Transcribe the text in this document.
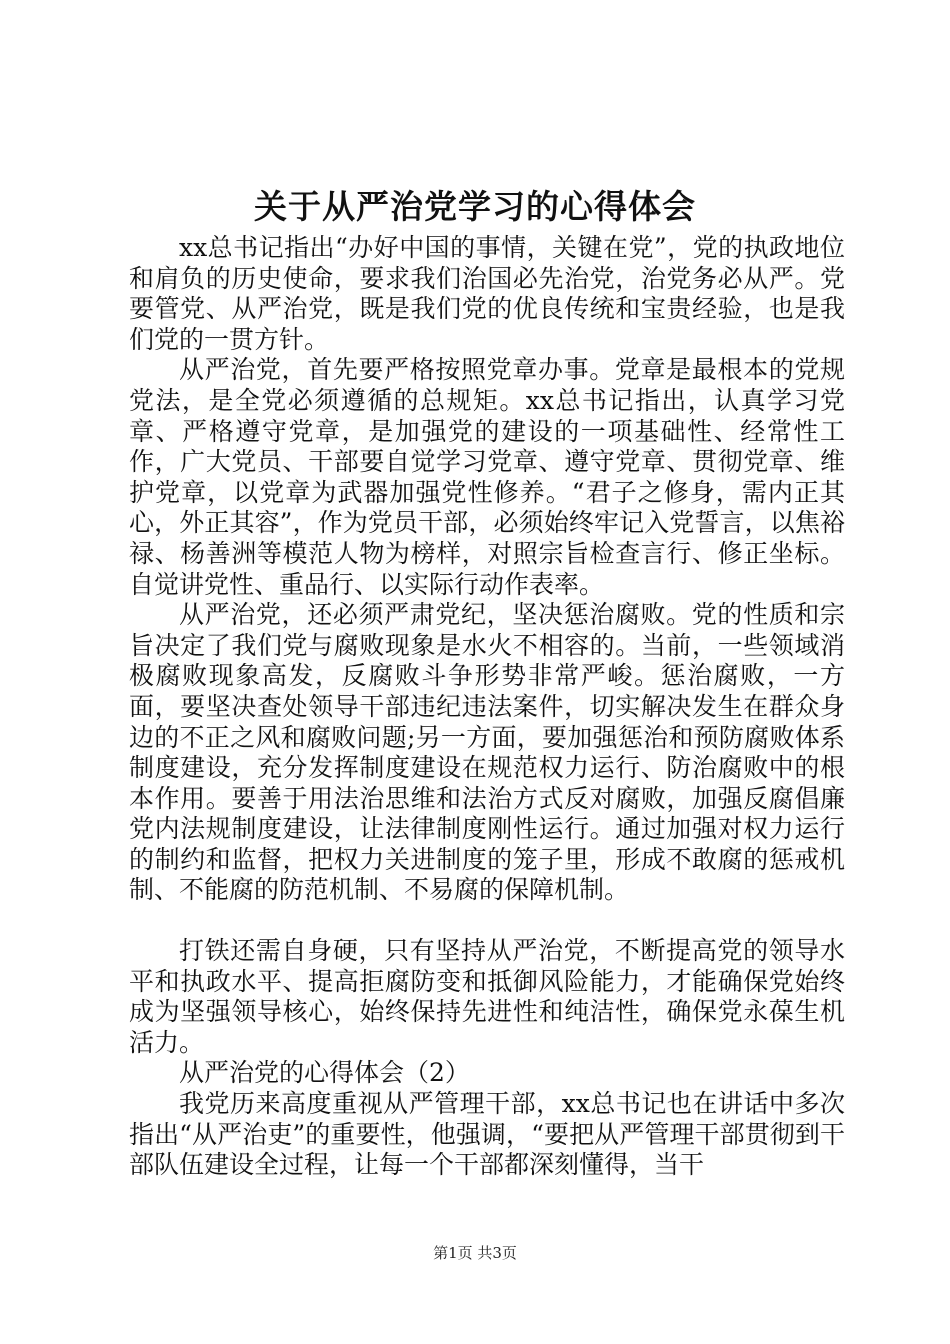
关于从严治党学习的心得体会

xx总书记指出“办好中国的事情，关键在党”，党的执政地位和肩负的历史使命，要求我们治国必先治党，治党务必从严。党要管党、从严治党，既是我们党的优良传统和宝贵经验，也是我们党的一贯方针。

从严治党，首先要严格按照党章办事。党章是最根本的党规党法，是全党必须遵循的总规矩。xx总书记指出，认真学习党章、严格遵守党章，是加强党的建设的一项基础性、经常性工作，广大党员、干部要自觉学习党章、遵守党章、贯彻党章、维护党章，以党章为武器加强党性修养。“君子之修身，需内正其心，外正其容”，作为党员干部，必须始终牢记入党誓言，以焦裕禄、杨善洲等模范人物为榜样，对照宗旨检查言行、修正坐标。自觉讲党性、重品行、以实际行动作表率。

从严治党，还必须严肃党纪，坚决惩治腐败。党的性质和宗旨决定了我们党与腐败现象是水火不相容的。当前，一些领域消极腐败现象高发，反腐败斗争形势非常严峻。惩治腐败，一方面，要坚决查处领导干部违纪违法案件，切实解决发生在群众身边的不正之风和腐败问题;另一方面，要加强惩治和预防腐败体系制度建设，充分发挥制度建设在规范权力运行、防治腐败中的根本作用。要善于用法治思维和法治方式反对腐败，加强反腐倡廉党内法规制度建设，让法律制度刚性运行。通过加强对权力运行的制约和监督，把权力关进制度的笼子里，形成不敢腐的惩戒机制、不能腐的防范机制、不易腐的保障机制。

打铁还需自身硬，只有坚持从严治党，不断提高党的领导水平和执政水平、提高拒腐防变和抵御风险能力，才能确保党始终成为坚强领导核心，始终保持先进性和纯洁性，确保党永葆生机活力。

从严治党的心得体会（2）

我党历来高度重视从严管理干部，xx总书记也在讲话中多次指出“从严治吏”的重要性，他强调，“要把从严管理干部贯彻到干部队伍建设全过程，让每一个干部都深刻懂得，当干

第1页 共3页
